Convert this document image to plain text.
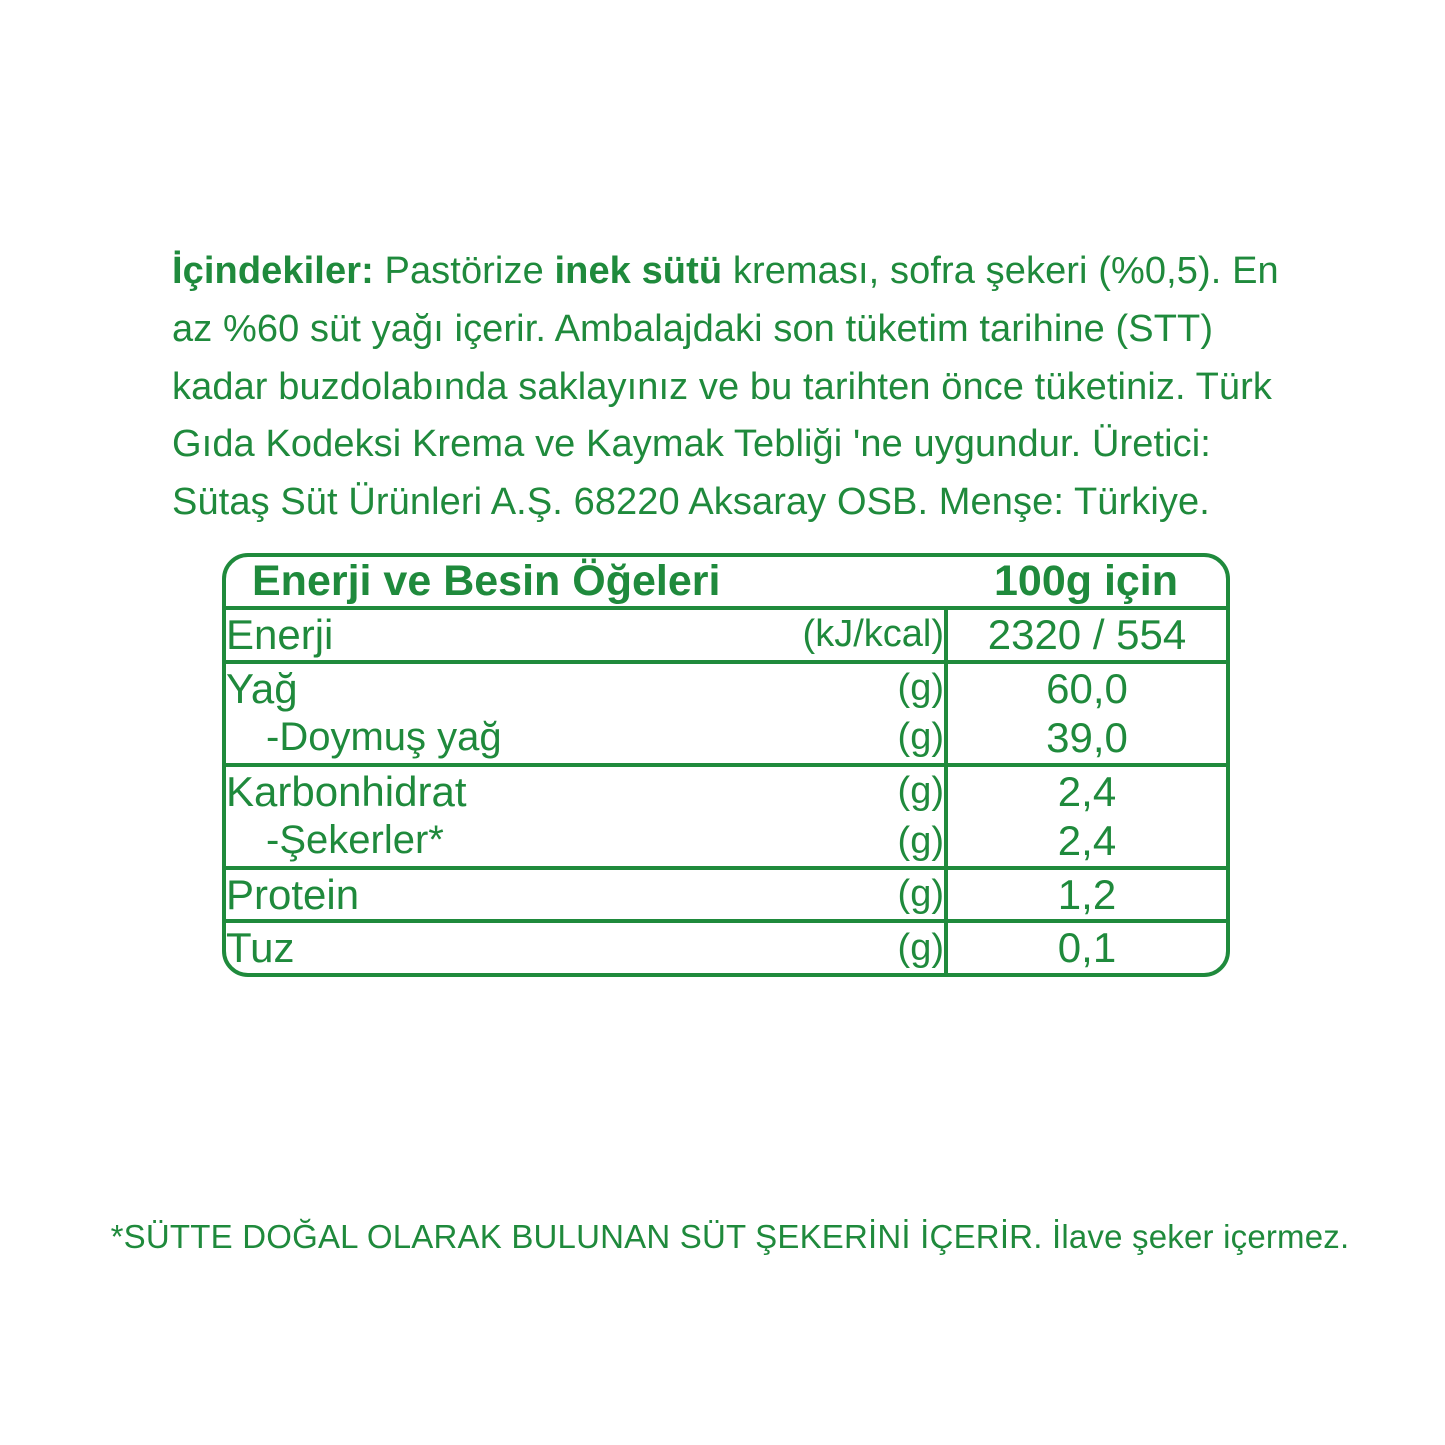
İçindekiler: Pastörize inek sütü kreması, sofra şekeri (%0,5). En az %60 süt yağı içerir. Ambalajdaki son tüketim tarihine (STT) kadar buzdolabında saklayınız ve bu tarihten önce tüketiniz. Türk Gıda Kodeksi Krema ve Kaymak Tebliği 'ne uygundur. Üretici: Sütaş Süt Ürünleri A.Ş. 68220 Aksaray OSB. Menşe: Türkiye.

Enerji ve Besin Öğeleri		100g için
Enerji	(kJ/kcal)	2320 / 554
Yağ	(g)	60,0
-Doymuş yağ	(g)	39,0
Karbonhidrat	(g)	2,4
-Şekerler*	(g)	2,4
Protein	(g)	1,2
Tuz	(g)	0,1
*SÜTTE DOĞAL OLARAK BULUNAN SÜT ŞEKERİNİ İÇERİR. İlave şeker içermez.
